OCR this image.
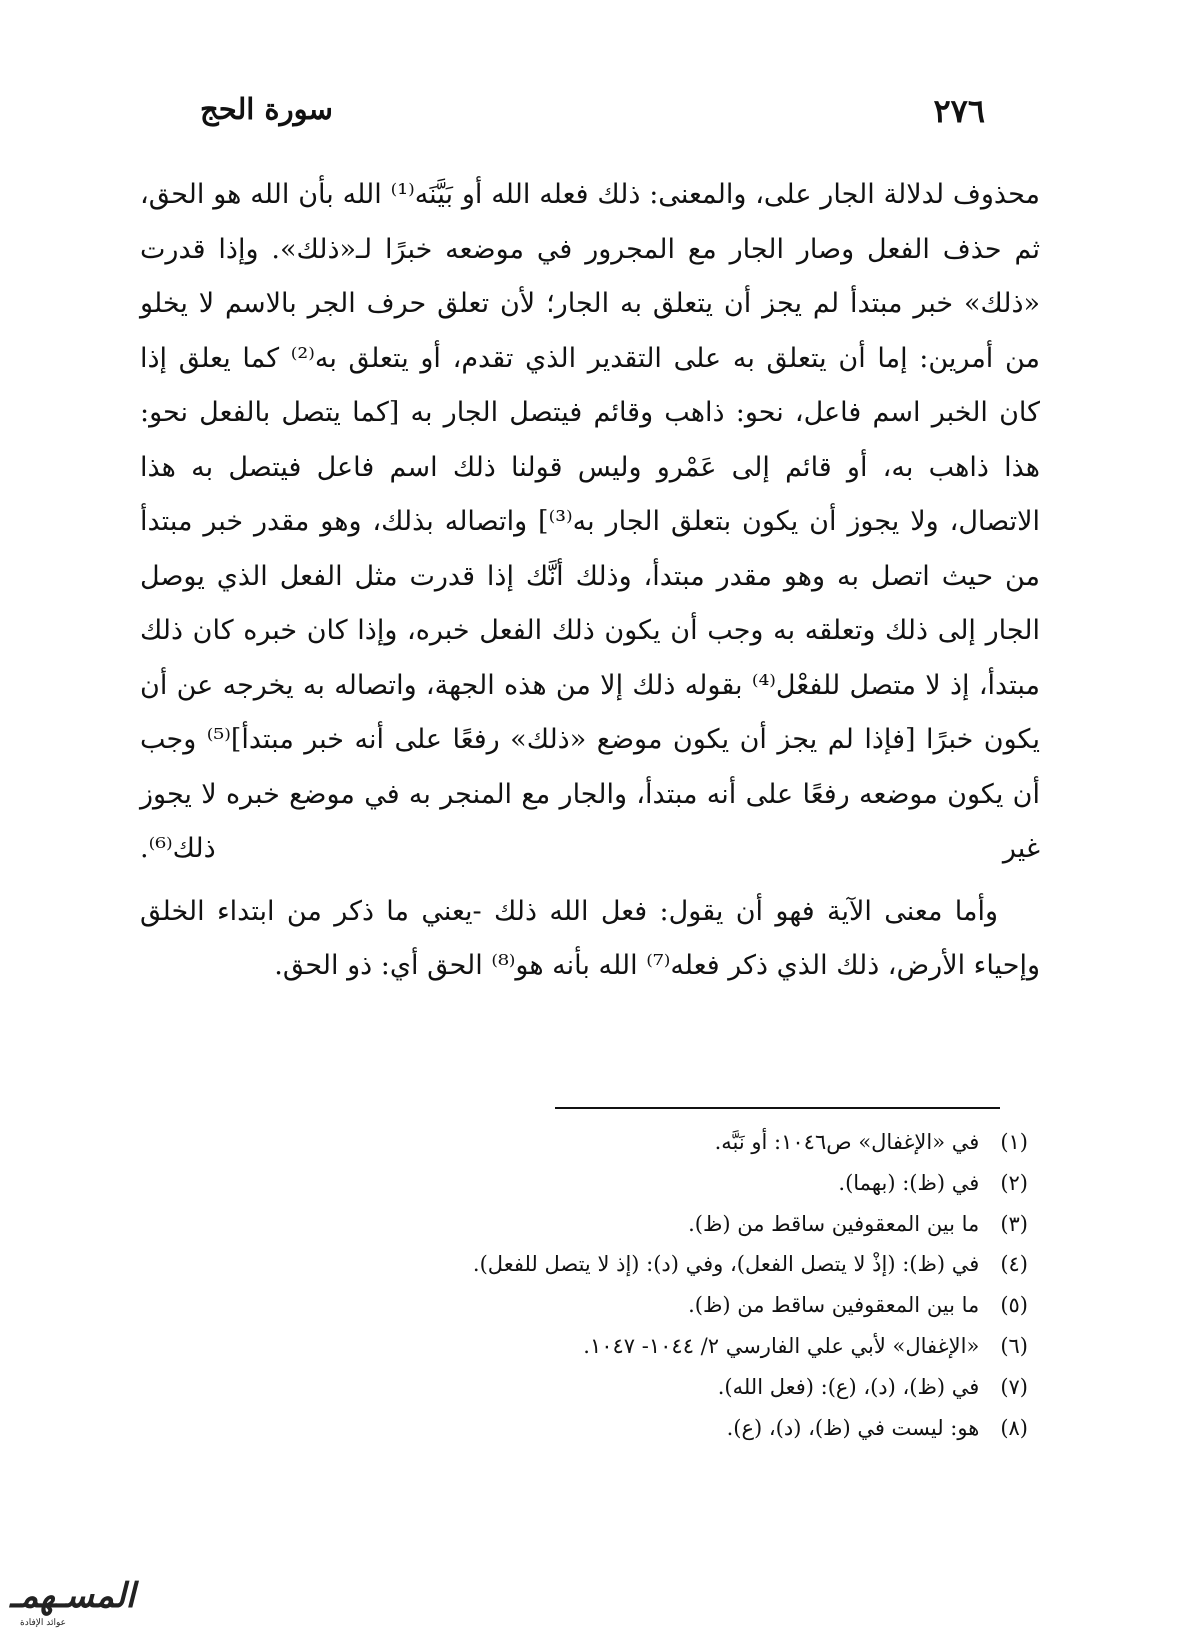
سورة الحج	٢٧٦

محذوف لدلالة الجار على، والمعنى: ذلك فعله الله أو بَيَّنَه⁽¹⁾ الله بأن الله هو الحق، ثم حذف الفعل وصار الجار مع المجرور في موضعه خبرًا لـ«ذلك». وإذا قدرت «ذلك» خبر مبتدأ لم يجز أن يتعلق به الجار؛ لأن تعلق حرف الجر بالاسم لا يخلو من أمرين: إما أن يتعلق به على التقدير الذي تقدم، أو يتعلق به⁽²⁾ كما يعلق إذا كان الخبر اسم فاعل، نحو: ذاهب وقائم فيتصل الجار به [كما يتصل بالفعل نحو: هذا ذاهب به، أو قائم إلى عَمْرو وليس قولنا ذلك اسم فاعل فيتصل به هذا الاتصال، ولا يجوز أن يكون بتعلق الجار به⁽³⁾] واتصاله بذلك، وهو مقدر خبر مبتدأ من حيث اتصل به وهو مقدر مبتدأ، وذلك أنَّك إذا قدرت مثل الفعل الذي يوصل الجار إلى ذلك وتعلقه به وجب أن يكون ذلك الفعل خبره، وإذا كان خبره كان ذلك مبتدأ، إذ لا متصل للفعْل⁽⁴⁾ بقوله ذلك إلا من هذه الجهة، واتصاله به يخرجه عن أن يكون خبرًا [فإذا لم يجز أن يكون موضع «ذلك» رفعًا على أنه خبر مبتدأ]⁽⁵⁾ وجب أن يكون موضعه رفعًا على أنه مبتدأ، والجار مع المنجر به في موضع خبره لا يجوز غير ذلك⁽⁶⁾.

وأما معنى الآية فهو أن يقول: فعل الله ذلك -يعني ما ذكر من ابتداء الخلق وإحياء الأرض، ذلك الذي ذكر فعله⁽⁷⁾ الله بأنه هو⁽⁸⁾ الحق أي: ذو الحق.

(١) في «الإغفال» ص١٠٤٦: أو نَبَّه.
(٢) في (ظ): (بهما).
(٣) ما بين المعقوفين ساقط من (ظ).
(٤) في (ظ): (إذْ لا يتصل الفعل)، وفي (د): (إذ لا يتصل للفعل).
(٥) ما بين المعقوفين ساقط من (ظ).
(٦) «الإغفال» لأبي علي الفارسي ٢/ ١٠٤٤- ١٠٤٧.
(٧) في (ظ)، (د)، (ع): (فعل الله).
(٨) هو: ليست في (ظ)، (د)، (ع).
المسـهمـ
عوائد الإفادة
